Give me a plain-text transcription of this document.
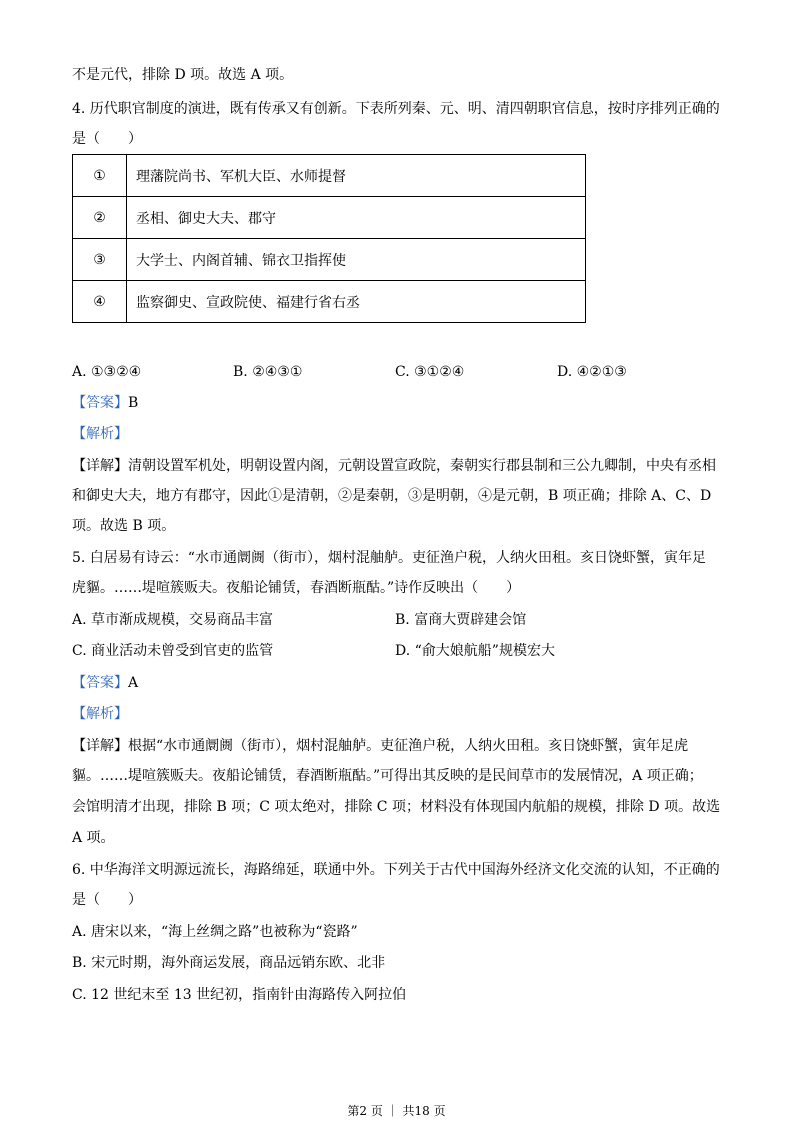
不是元代，排除 D 项。故选 A 项。
4. 历代职官制度的演进，既有传承又有创新。下表所列秦、元、明、清四朝职官信息，按时序排列正确的
是（　　）
①	理藩院尚书、军机大臣、水师提督
②	丞相、御史大夫、郡守
③	大学士、内阁首辅、锦衣卫指挥使
④	监察御史、宣政院使、福建行省右丞
A. ①③②④	B. ②④③①	C. ③①②④	D. ④②①③
【答案】B
【解析】
【详解】清朝设置军机处，明朝设置内阁，元朝设置宣政院，秦朝实行郡县制和三公九卿制，中央有丞相
和御史大夫，地方有郡守，因此①是清朝，②是秦朝，③是明朝，④是元朝，B 项正确；排除 A、C、D
项。故选 B 项。
5. 白居易有诗云：“水市通阛阓（街市），烟村混舳舻。吏征渔户税，人纳火田租。亥日饶虾蟹，寅年足
虎貙。……堤喧簇贩夫。夜船论铺赁，春酒断瓶酤。”诗作反映出（　　）
A. 草市渐成规模，交易商品丰富	B. 富商大贾辟建会馆
C. 商业活动未曾受到官吏的监管	D. “俞大娘航船”规模宏大
【答案】A
【解析】
【详解】根据“水市通阛阓（街市），烟村混舳舻。吏征渔户税，人纳火田租。亥日饶虾蟹，寅年足虎
貙。……堤喧簇贩夫。夜船论铺赁，春酒断瓶酤。”可得出其反映的是民间草市的发展情况，A 项正确；
会馆明清才出现，排除 B 项；C 项太绝对，排除 C 项；材料没有体现国内航船的规模，排除 D 项。故选
A 项。
6. 中华海洋文明源远流长，海路绵延，联通中外。下列关于古代中国海外经济文化交流的认知，不正确的
是（　　）
A. 唐宋以来，“海上丝绸之路”也被称为“瓷路”
B. 宋元时期，海外商运发展，商品远销东欧、北非
C. 12 世纪末至 13 世纪初，指南针由海路传入阿拉伯
第2 页 ｜ 共18 页
